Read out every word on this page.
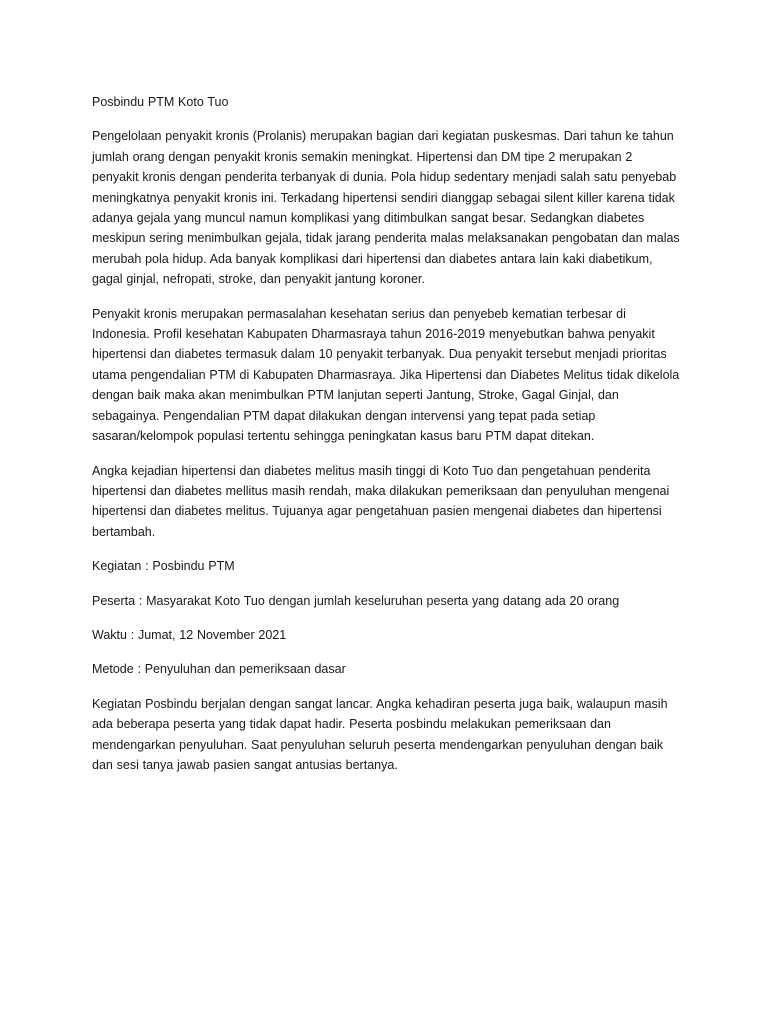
Posbindu PTM Koto Tuo

Pengelolaan penyakit kronis (Prolanis) merupakan bagian dari kegiatan puskesmas. Dari tahun ke tahun jumlah orang dengan penyakit kronis semakin meningkat. Hipertensi dan DM tipe 2 merupakan 2 penyakit kronis dengan penderita terbanyak di dunia. Pola hidup sedentary menjadi salah satu penyebab meningkatnya penyakit kronis ini. Terkadang hipertensi sendiri dianggap sebagai silent killer karena tidak adanya gejala yang muncul namun komplikasi yang ditimbulkan sangat besar. Sedangkan diabetes meskipun sering menimbulkan gejala, tidak jarang penderita malas melaksanakan pengobatan dan malas merubah pola hidup. Ada banyak komplikasi dari hipertensi dan diabetes antara lain kaki diabetikum, gagal ginjal, nefropati, stroke, dan penyakit jantung koroner.

Penyakit kronis merupakan permasalahan kesehatan serius dan penyebeb kematian terbesar di Indonesia. Profil kesehatan Kabupaten Dharmasraya tahun 2016-2019 menyebutkan bahwa penyakit hipertensi dan diabetes termasuk dalam 10 penyakit terbanyak. Dua penyakit tersebut menjadi prioritas utama pengendalian PTM di Kabupaten Dharmasraya. Jika Hipertensi dan Diabetes Melitus tidak dikelola dengan baik maka akan menimbulkan PTM lanjutan seperti Jantung, Stroke, Gagal Ginjal, dan sebagainya. Pengendalian PTM dapat dilakukan dengan intervensi yang tepat pada setiap sasaran/kelompok populasi tertentu sehingga peningkatan kasus baru PTM dapat ditekan.

Angka kejadian hipertensi dan diabetes melitus masih tinggi di Koto Tuo dan pengetahuan penderita hipertensi dan diabetes mellitus masih rendah, maka dilakukan pemeriksaan dan penyuluhan mengenai hipertensi dan diabetes melitus. Tujuanya agar pengetahuan pasien mengenai diabetes dan hipertensi bertambah.

Kegiatan : Posbindu PTM

Peserta : Masyarakat Koto Tuo dengan jumlah keseluruhan peserta yang datang ada 20 orang

Waktu : Jumat, 12 November 2021

Metode : Penyuluhan dan pemeriksaan dasar

Kegiatan Posbindu berjalan dengan sangat lancar. Angka kehadiran peserta juga baik, walaupun masih ada beberapa peserta yang tidak dapat hadir. Peserta posbindu melakukan pemeriksaan dan mendengarkan penyuluhan. Saat penyuluhan seluruh peserta mendengarkan penyuluhan dengan baik dan sesi tanya jawab pasien sangat antusias bertanya.
